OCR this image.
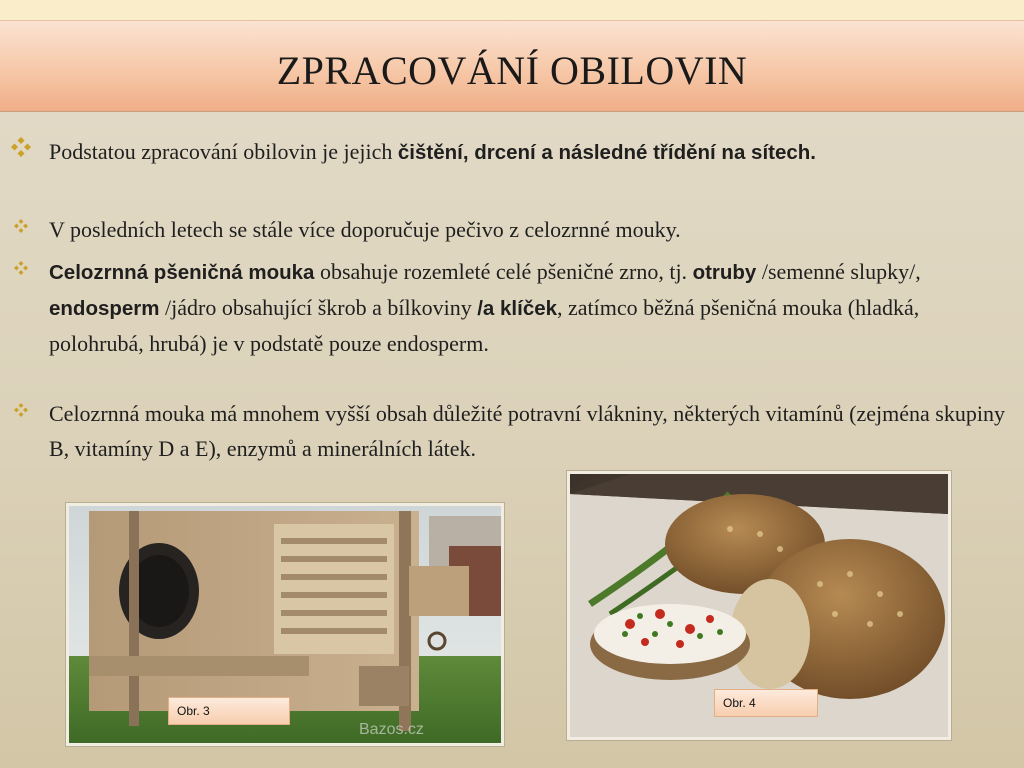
ZPRACOVÁNÍ OBILOVIN
Podstatou zpracování obilovin je jejich čištění, drcení a následné třídění na sítech.
V posledních letech se stále více doporučuje pečivo z celozrnné mouky.
Celozrnná pšeničná mouka obsahuje rozemleté celé pšeničné zrno, tj. otruby /semenné slupky/, endosperm /jádro obsahující škrob a bílkoviny /a klíček, zatímco běžná pšeničná mouka (hladká, polohrubá, hrubá) je v podstatě pouze endosperm.
Celozrnná mouka má mnohem vyšší obsah důležité potravní vlákniny, některých vitamínů (zejména skupiny B, vitamíny D a E), enzymů a minerálních látek.
Bazos.cz
Obr. 3
Obr. 4
